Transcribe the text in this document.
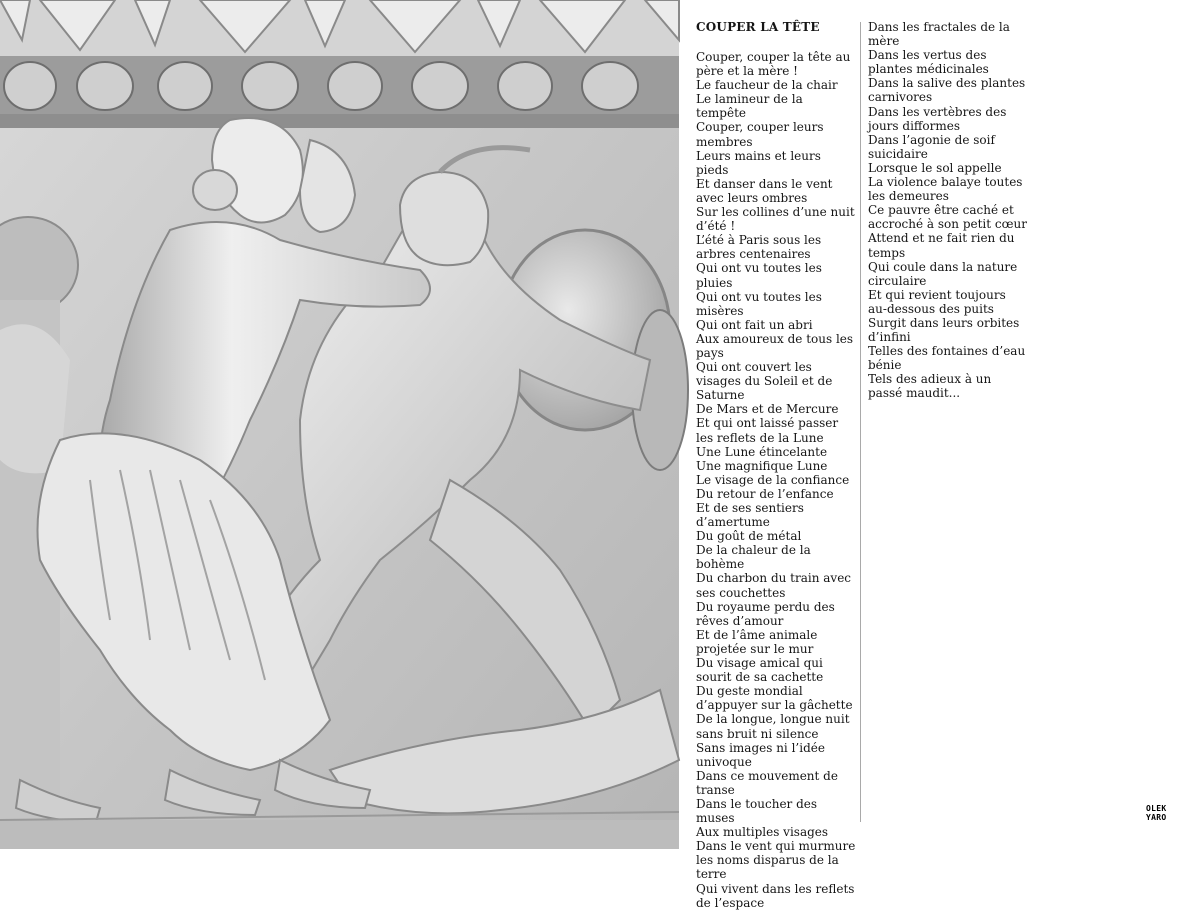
COUPER LA TÊTE
Couper, couper la tête au père et la mère !
Le faucheur de la chair
Le lamineur de la tempête
Couper, couper leurs membres
Leurs mains et leurs pieds
Et danser dans le vent avec leurs ombres
Sur les collines d’une nuit d’été !
L’été à Paris sous les arbres centenaires
Qui ont vu toutes les pluies
Qui ont vu toutes les misères
Qui ont fait un abri
Aux amoureux de tous les pays
Qui ont couvert les visages du Soleil et de Saturne
De Mars et de Mercure
Et qui ont laissé passer les reflets de la Lune
Une Lune étincelante
Une magnifique Lune
Le visage de la confiance
Du retour de l’enfance
Et de ses sentiers d’amertume
Du goût de métal
De la chaleur de la bohème
Du charbon du train avec ses couchettes
Du royaume perdu des rêves d’amour
Et de l’âme animale projetée sur le mur
Du visage amical qui sourit de sa cachette
Du geste mondial d’appuyer sur la gâchette
De la longue, longue nuit sans bruit ni silence
Sans images ni l’idée univoque
Dans ce mouvement de transe
Dans le toucher des muses
Aux multiples visages
Dans le vent qui murmure les noms disparus de la terre
Qui vivent dans les reflets de l’espace
Dans les fractales de la mère
Dans les vertus des plantes médicinales
Dans la salive des plantes carnivores
Dans les vertèbres des jours difformes
Dans l’agonie de soif suicidaire
Lorsque le sol appelle
La violence balaye toutes les demeures
Ce pauvre être caché et accroché à son petit cœur
Attend et ne fait rien du temps
Qui coule dans la nature circulaire
Et qui revient toujours au-dessous des puits
Surgit dans leurs orbites d’infini
Telles des fontaines d’eau bénie
Tels des adieux à un passé maudit...
OLEK
YARO
